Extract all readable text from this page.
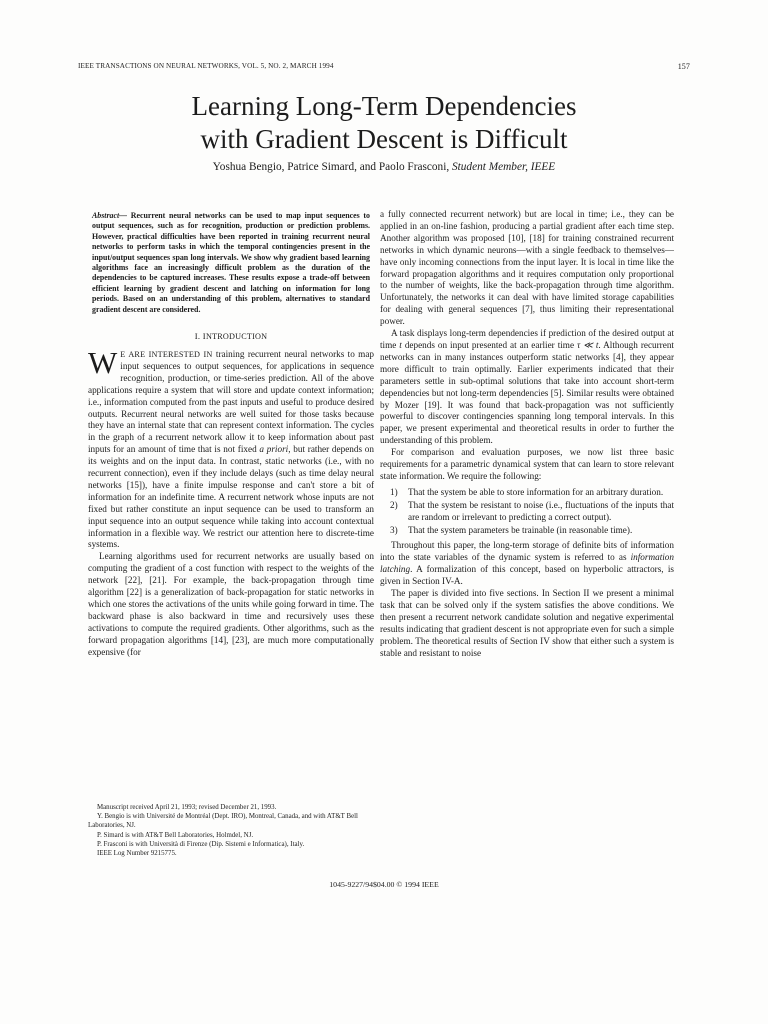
IEEE TRANSACTIONS ON NEURAL NETWORKS, VOL. 5, NO. 2, MARCH 1994	157
Learning Long-Term Dependencies
with Gradient Descent is Difficult
Yoshua Bengio, Patrice Simard, and Paolo Frasconi, Student Member, IEEE

Abstract— Recurrent neural networks can be used to map input sequences to output sequences, such as for recognition, production or prediction problems. However, practical difficulties have been reported in training recurrent neural networks to perform tasks in which the temporal contingencies present in the input/output sequences span long intervals. We show why gradient based learning algorithms face an increasingly difficult problem as the duration of the dependencies to be captured increases. These results expose a trade-off between efficient learning by gradient descent and latching on information for long periods. Based on an understanding of this problem, alternatives to standard gradient descent are considered.

I. INTRODUCTION

W E ARE INTERESTED IN training recurrent neural networks to map input sequences to output sequences, for applications in sequence recognition, production, or time-series prediction. All of the above applications require a system that will store and update context information; i.e., information computed from the past inputs and useful to produce desired outputs. Recurrent neural networks are well suited for those tasks because they have an internal state that can represent context information. The cycles in the graph of a recurrent network allow it to keep information about past inputs for an amount of time that is not fixed a priori, but rather depends on its weights and on the input data. In contrast, static networks (i.e., with no recurrent connection), even if they include delays (such as time delay neural networks [15]), have a finite impulse response and can't store a bit of information for an indefinite time. A recurrent network whose inputs are not fixed but rather constitute an input sequence can be used to transform an input sequence into an output sequence while taking into account contextual information in a flexible way. We restrict our attention here to discrete-time systems.

Learning algorithms used for recurrent networks are usually based on computing the gradient of a cost function with respect to the weights of the network [22], [21]. For example, the back-propagation through time algorithm [22] is a generalization of back-propagation for static networks in which one stores the activations of the units while going forward in time. The backward phase is also backward in time and recursively uses these activations to compute the required gradients. Other algorithms, such as the forward propagation algorithms [14], [23], are much more computationally expensive (for

Manuscript received April 21, 1993; revised December 21, 1993.

Y. Bengio is with Université de Montréal (Dept. IRO), Montreal, Canada, and with AT&T Bell Laboratories, NJ.

P. Simard is with AT&T Bell Laboratories, Holmdel, NJ.

P. Frasconi is with Università di Firenze (Dip. Sistemi e Informatica), Italy.

IEEE Log Number 9215775.

a fully connected recurrent network) but are local in time; i.e., they can be applied in an on-line fashion, producing a partial gradient after each time step. Another algorithm was proposed [10], [18] for training constrained recurrent networks in which dynamic neurons—with a single feedback to themselves—have only incoming connections from the input layer. It is local in time like the forward propagation algorithms and it requires computation only proportional to the number of weights, like the back-propagation through time algorithm. Unfortunately, the networks it can deal with have limited storage capabilities for dealing with general sequences [7], thus limiting their representational power.

A task displays long-term dependencies if prediction of the desired output at time t depends on input presented at an earlier time τ ≪ t. Although recurrent networks can in many instances outperform static networks [4], they appear more difficult to train optimally. Earlier experiments indicated that their parameters settle in sub-optimal solutions that take into account short-term dependencies but not long-term dependencies [5]. Similar results were obtained by Mozer [19]. It was found that back-propagation was not sufficiently powerful to discover contingencies spanning long temporal intervals. In this paper, we present experimental and theoretical results in order to further the understanding of this problem.

For comparison and evaluation purposes, we now list three basic requirements for a parametric dynamical system that can learn to store relevant state information. We require the following:

1) That the system be able to store information for an arbitrary duration.
2) That the system be resistant to noise (i.e., fluctuations of the inputs that are random or irrelevant to predicting a correct output).
3) That the system parameters be trainable (in reasonable time).

Throughout this paper, the long-term storage of definite bits of information into the state variables of the dynamic system is referred to as information latching. A formalization of this concept, based on hyperbolic attractors, is given in Section IV-A.

The paper is divided into five sections. In Section II we present a minimal task that can be solved only if the system satisfies the above conditions. We then present a recurrent network candidate solution and negative experimental results indicating that gradient descent is not appropriate even for such a simple problem. The theoretical results of Section IV show that either such a system is stable and resistant to noise

1045-9227/94$04.00 © 1994 IEEE
